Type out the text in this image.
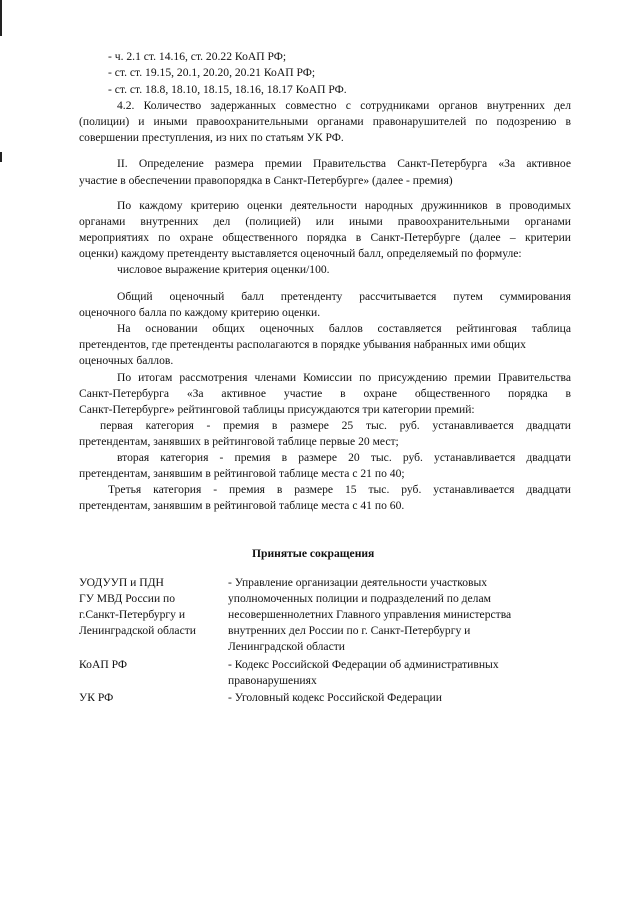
- ч. 2.1 ст. 14.16, ст. 20.22 КоАП РФ;
- ст. ст. 19.15, 20.1, 20.20, 20.21 КоАП РФ;
- ст. ст. 18.8, 18.10, 18.15, 18.16, 18.17 КоАП РФ.
4.2. Количество задержанных совместно с сотрудниками органов внутренних дел
(полиции) и иными правоохранительными органами правонарушителей по подозрению в
совершении преступления, из них по статьям УК РФ.
II. Определение размера премии Правительства Санкт-Петербурга «За активное
участие в обеспечении правопорядка в Санкт-Петербурге» (далее - премия)
По каждому критерию оценки деятельности народных дружинников в проводимых
органами внутренних дел (полицией) или иными правоохранительными органами
мероприятиях по охране общественного порядка в Санкт-Петербурге (далее – критерии
оценки) каждому претенденту выставляется оценочный балл, определяемый по формуле:
числовое выражение критерия оценки/100.
Общий оценочный балл претенденту рассчитывается путем суммирования
оценочного балла по каждому критерию оценки.
На основании общих оценочных баллов составляется рейтинговая таблица
претендентов, где претенденты располагаются в порядке убывания набранных ими общих
оценочных баллов.
По итогам рассмотрения членами Комиссии по присуждению премии Правительства
Санкт-Петербурга «За активное участие в охране общественного порядка в
Санкт-Петербурге» рейтинговой таблицы присуждаются три категории премий:
первая категория - премия в размере 25 тыс. руб. устанавливается двадцати
претендентам, занявших в рейтинговой таблице первые 20 мест;
вторая категория - премия в размере 20 тыс. руб. устанавливается двадцати
претендентам, занявшим в рейтинговой таблице места с 21 по 40;
Третья категория - премия в размере 15 тыс. руб. устанавливается двадцати
претендентам, занявшим в рейтинговой таблице места с 41 по 60.
Принятые сокращения
УОДУУП и ПДН
ГУ МВД России по
г.Санкт-Петербургу и
Ленинградской области
- Управление организации деятельности участковых
уполномоченных полиции и подразделений по делам
несовершеннолетних Главного управления министерства
внутренних дел России по г. Санкт-Петербургу и
Ленинградской области
КоАП РФ	- Кодекс Российской Федерации об административных
правонарушениях
УК РФ	- Уголовный кодекс Российской Федерации
